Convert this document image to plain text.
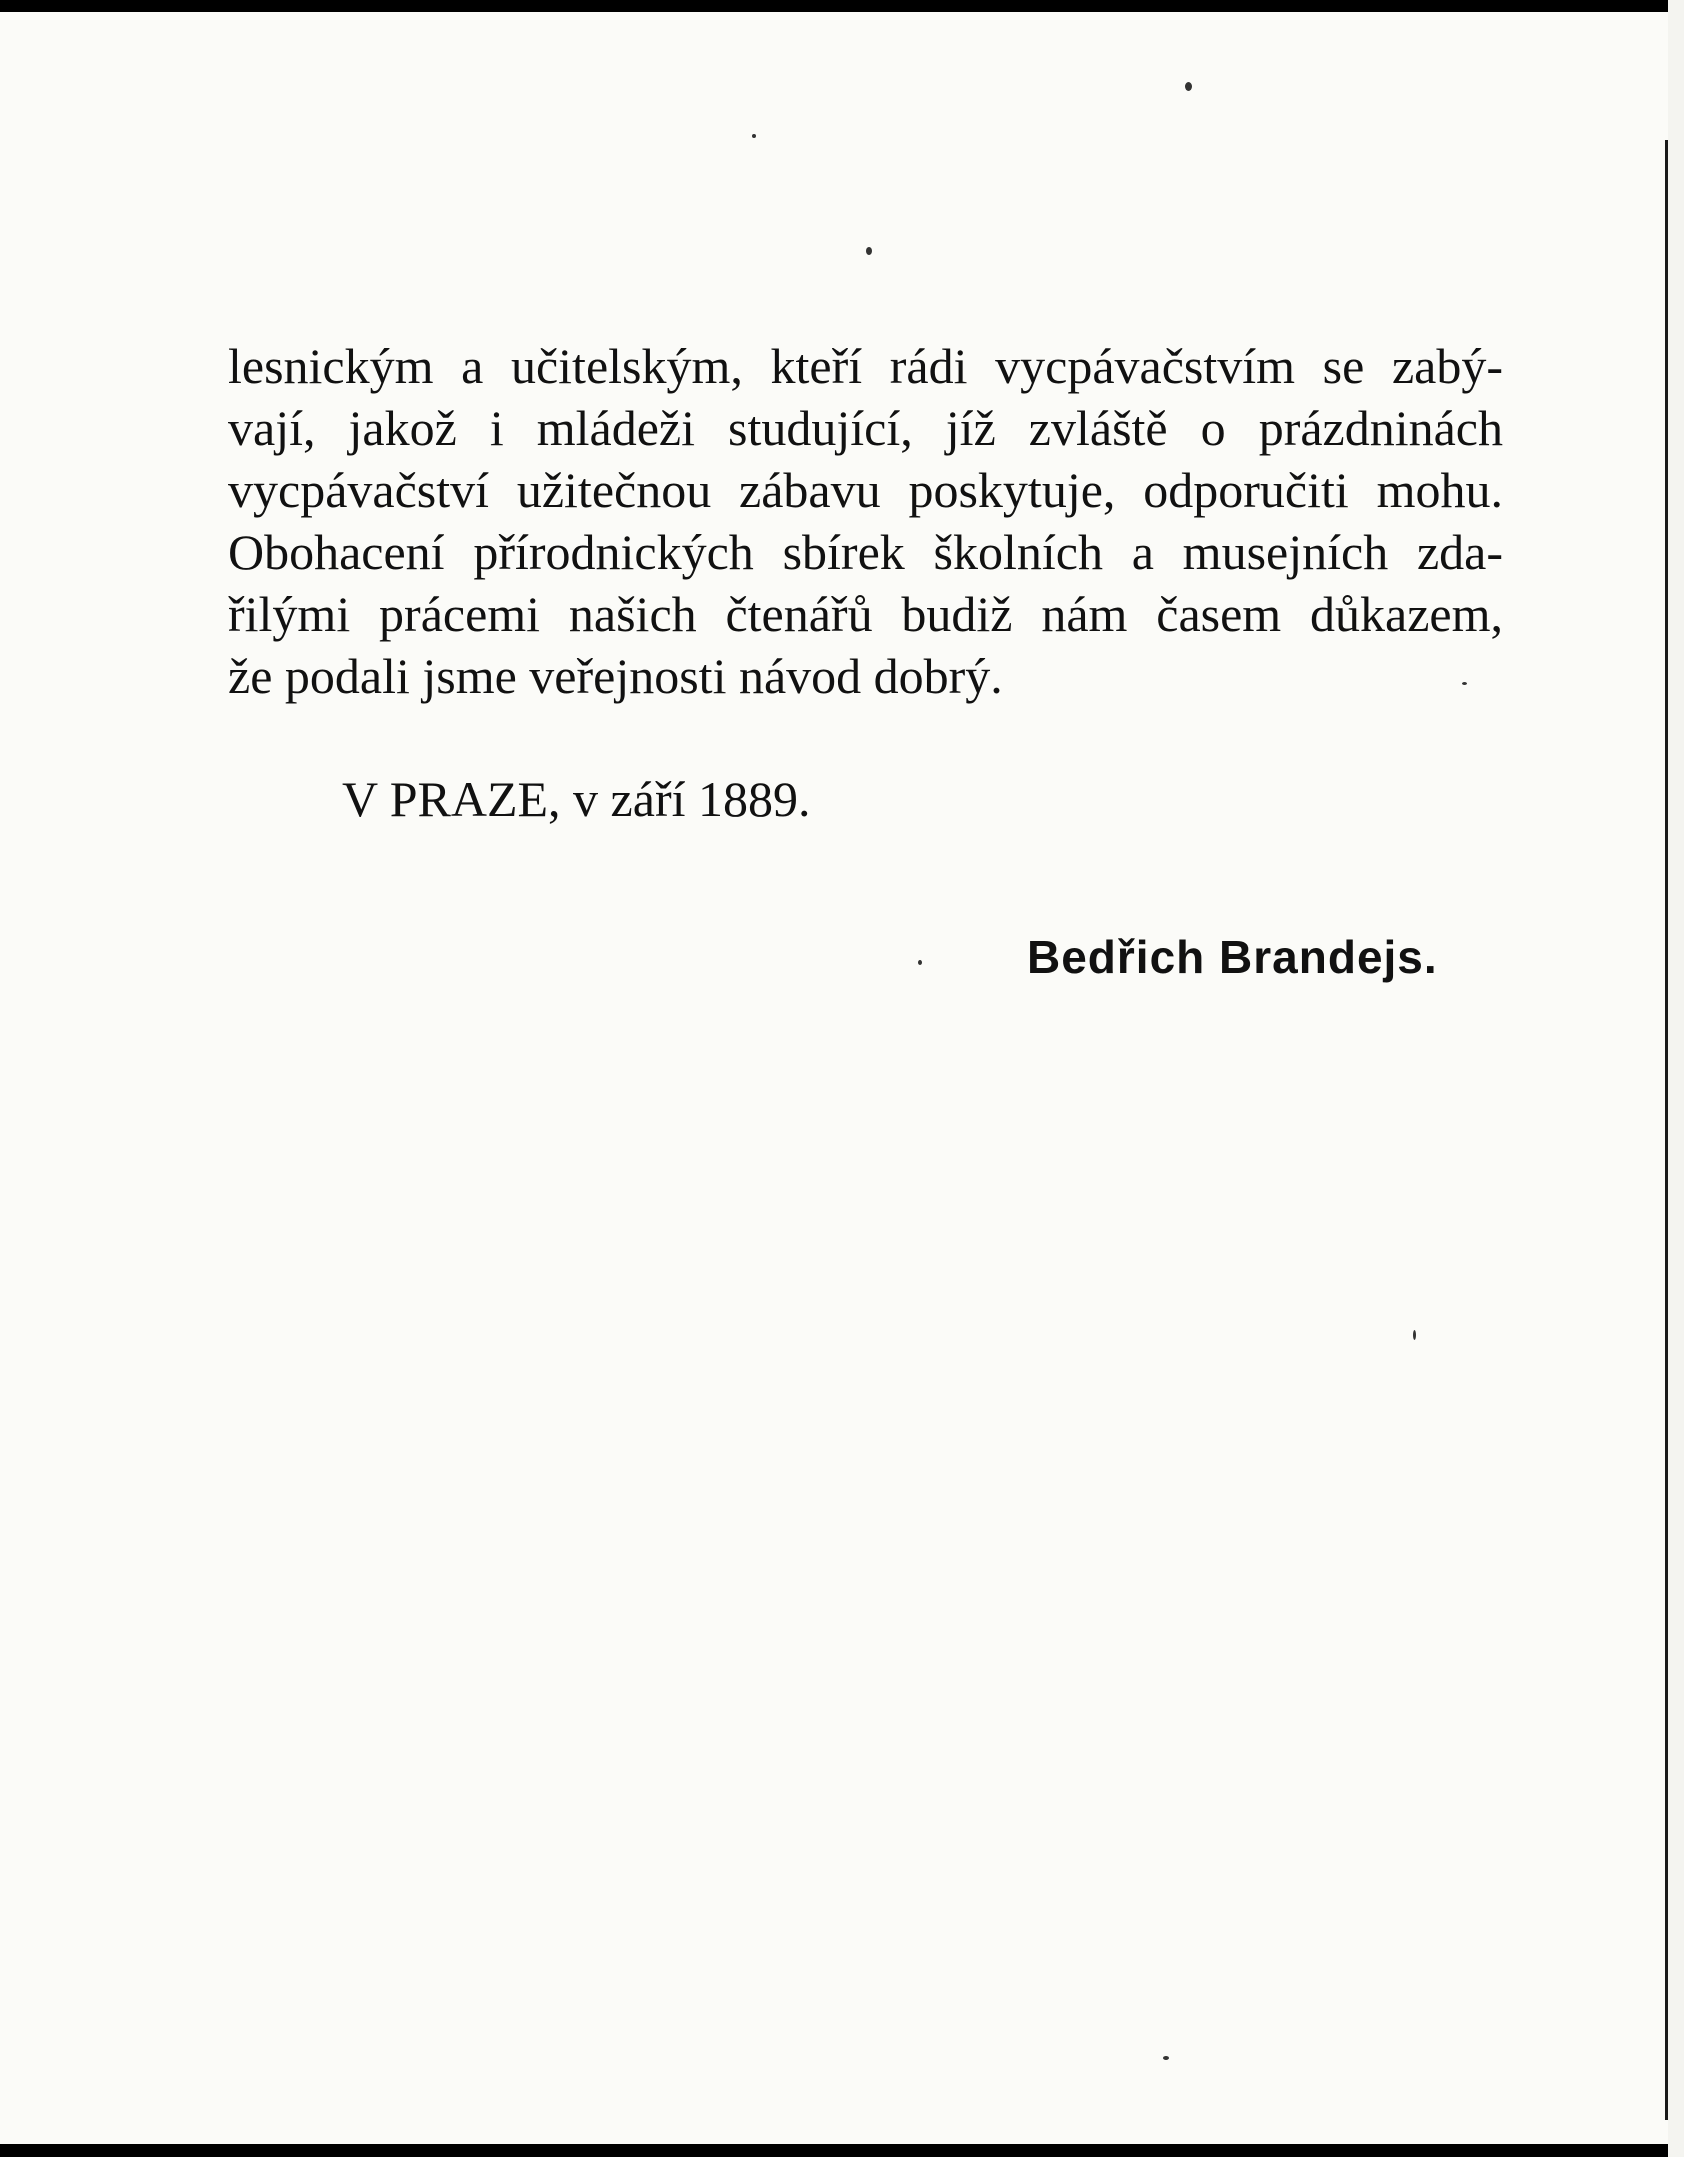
lesnickým a učitelským, kteří rádi vycpávačstvím se zabý-
vají, jakož i mládeži studující, jíž zvláště o prázdninách
vycpávačství užitečnou zábavu poskytuje, odporučiti mohu.
Obohacení přírodnických sbírek školních a musejních zda-
řilými prácemi našich čtenářů budiž nám časem důkazem,
že podali jsme veřejnosti návod dobrý.

V PRAZE, v září 1889.
Bedřich Brandejs.
